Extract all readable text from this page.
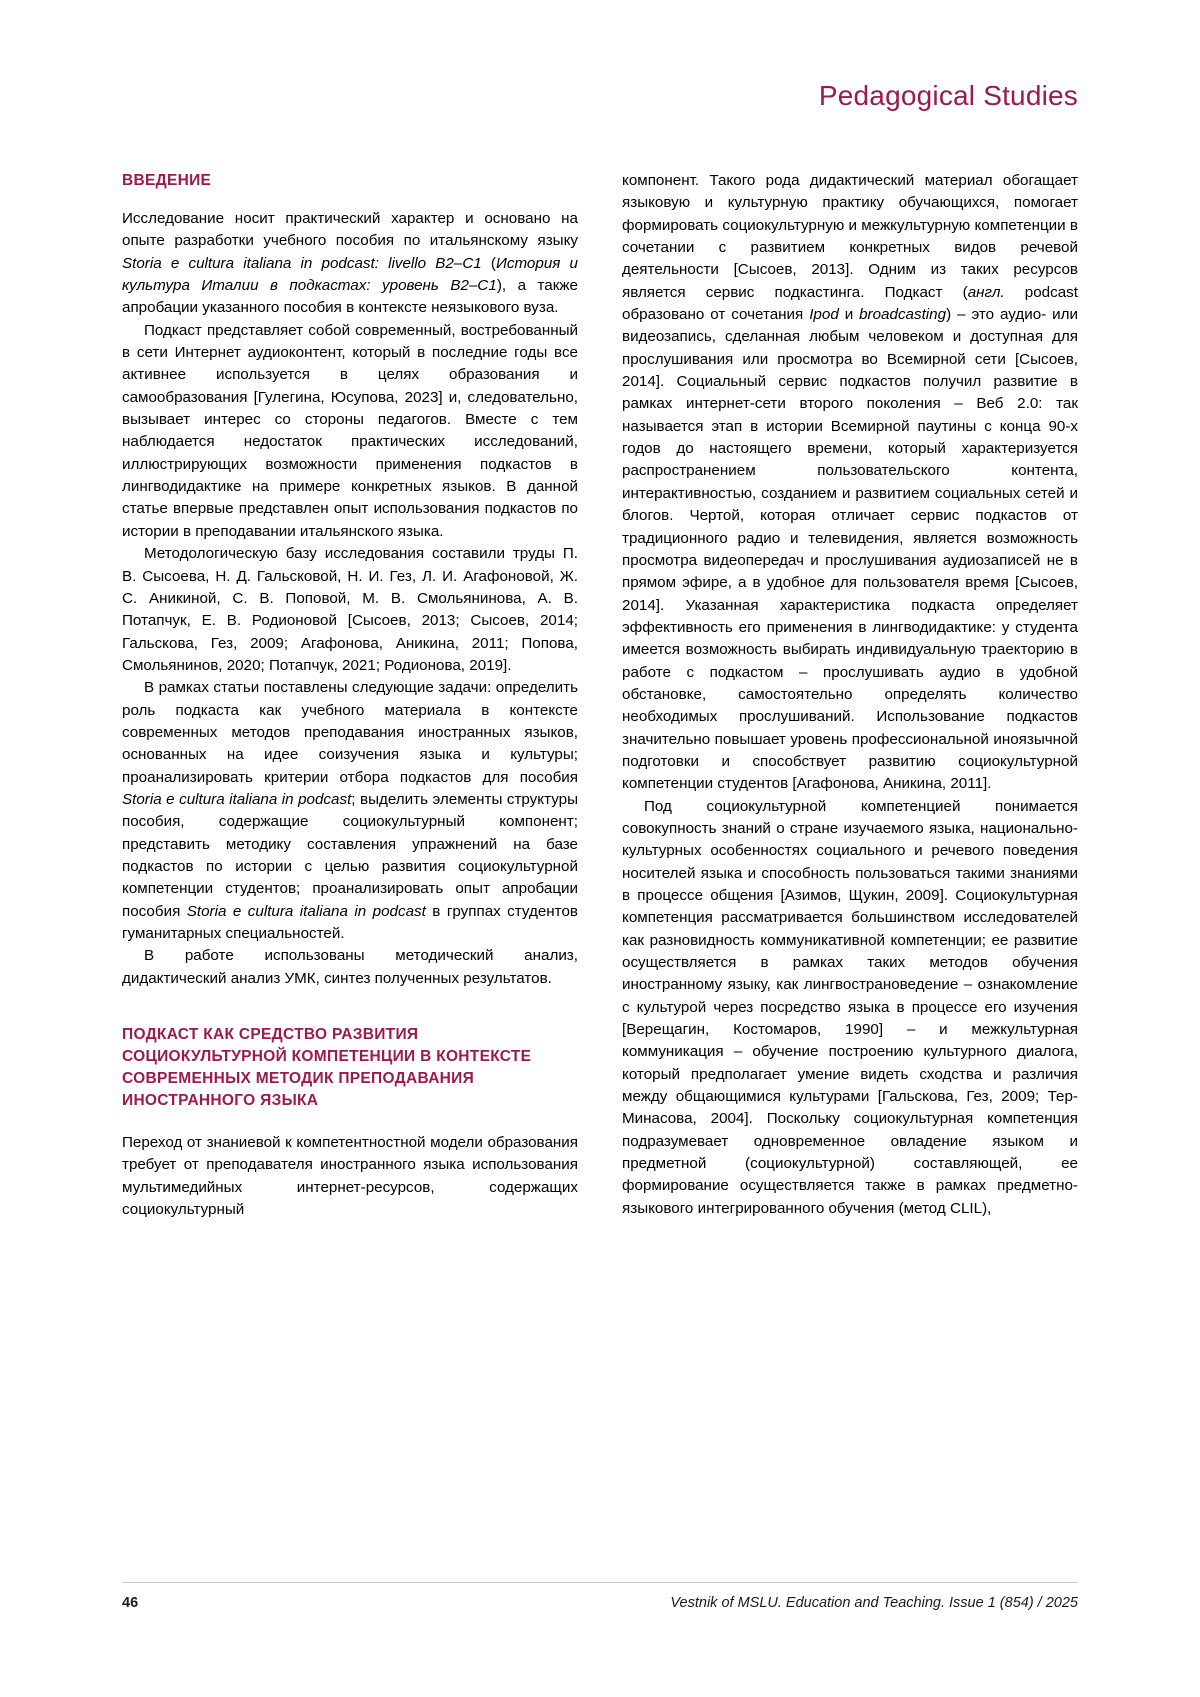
Pedagogical Studies
ВВЕДЕНИЕ

Исследование носит практический характер и основано на опыте разработки учебного пособия по итальянскому языку Storia e cultura italiana in podcast: livello B2–C1 (История и культура Италии в подкастах: уровень B2–C1), а также апробации указанного пособия в контексте неязыкового вуза.

Подкаст представляет собой современный, востребованный в сети Интернет аудиоконтент, который в последние годы все активнее используется в целях образования и самообразования [Гулегина, Юсупова, 2023] и, следовательно, вызывает интерес со стороны педагогов. Вместе с тем наблюдается недостаток практических исследований, иллюстрирующих возможности применения подкастов в лингводидактике на примере конкретных языков. В данной статье впервые представлен опыт использования подкастов по истории в преподавании итальянского языка.

Методологическую базу исследования составили труды П. В. Сысоева, Н. Д. Гальсковой, Н. И. Гез, Л. И. Агафоновой, Ж. С. Аникиной, С. В. Поповой, М. В. Смольянинова, А. В. Потапчук, Е. В. Родионовой [Сысоев, 2013; Сысоев, 2014; Гальскова, Гез, 2009; Агафонова, Аникина, 2011; Попова, Смольянинов, 2020; Потапчук, 2021; Родионова, 2019].

В рамках статьи поставлены следующие задачи: определить роль подкаста как учебного материала в контексте современных методов преподавания иностранных языков, основанных на идее соизучения языка и культуры; проанализировать критерии отбора подкастов для пособия Storia e cultura italiana in podcast; выделить элементы структуры пособия, содержащие социокультурный компонент; представить методику составления упражнений на базе подкастов по истории с целью развития социокультурной компетенции студентов; проанализировать опыт апробации пособия Storia e cultura italiana in podcast в группах студентов гуманитарных специальностей.

В работе использованы методический анализ, дидактический анализ УМК, синтез полученных результатов.

ПОДКАСТ КАК СРЕДСТВО РАЗВИТИЯ СОЦИОКУЛЬТУРНОЙ КОМПЕТЕНЦИИ В КОНТЕКСТЕ СОВРЕМЕННЫХ МЕТОДИК ПРЕПОДАВАНИЯ ИНОСТРАННОГО ЯЗЫКА

Переход от знаниевой к компетентностной модели образования требует от преподавателя иностранного языка использования мультимедийных интернет-ресурсов, содержащих социокультурный

компонент. Такого рода дидактический материал обогащает языковую и культурную практику обучающихся, помогает формировать социокультурную и межкультурную компетенции в сочетании с развитием конкретных видов речевой деятельности [Сысоев, 2013]. Одним из таких ресурсов является сервис подкастинга. Подкаст (англ. podcast образовано от сочетания Ipod и broadcasting) – это аудио- или видеозапись, сделанная любым человеком и доступная для прослушивания или просмотра во Всемирной сети [Сысоев, 2014]. Социальный сервис подкастов получил развитие в рамках интернет-сети второго поколения – Веб 2.0: так называется этап в истории Всемирной паутины с конца 90-х годов до настоящего времени, который характеризуется распространением пользовательского контента, интерактивностью, созданием и развитием социальных сетей и блогов. Чертой, которая отличает сервис подкастов от традиционного радио и телевидения, является возможность просмотра видеопередач и прослушивания аудиозаписей не в прямом эфире, а в удобное для пользователя время [Сысоев, 2014]. Указанная характеристика подкаста определяет эффективность его применения в лингводидактике: у студента имеется возможность выбирать индивидуальную траекторию в работе с подкастом – прослушивать аудио в удобной обстановке, самостоятельно определять количество необходимых прослушиваний. Использование подкастов значительно повышает уровень профессиональной иноязычной подготовки и способствует развитию социокультурной компетенции студентов [Агафонова, Аникина, 2011].

Под социокультурной компетенцией понимается совокупность знаний о стране изучаемого языка, национально-культурных особенностях социального и речевого поведения носителей языка и способность пользоваться такими знаниями в процессе общения [Азимов, Щукин, 2009]. Социокультурная компетенция рассматривается большинством исследователей как разновидность коммуникативной компетенции; ее развитие осуществляется в рамках таких методов обучения иностранному языку, как лингвострановедение – ознакомление с культурой через посредство языка в процессе его изучения [Верещагин, Костомаров, 1990] – и межкультурная коммуникация – обучение построению культурного диалога, который предполагает умение видеть сходства и различия между общающимися культурами [Гальскова, Гез, 2009; Тер-Минасова, 2004]. Поскольку социокультурная компетенция подразумевает одновременное овладение языком и предметной (социокультурной) составляющей, ее формирование осуществляется также в рамках предметно-языкового интегрированного обучения (метод CLIL),

46	Vestnik of MSLU. Education and Teaching. Issue 1 (854) / 2025
